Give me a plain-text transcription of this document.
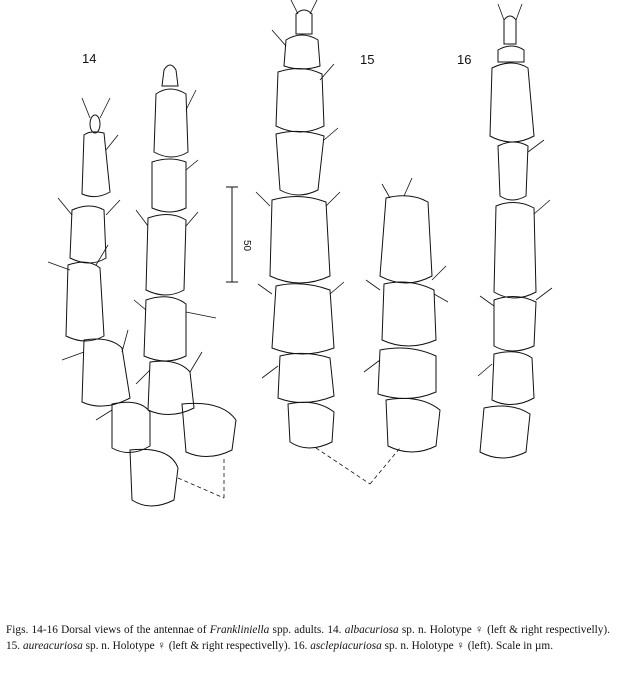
14	15	16
50
Figs. 14-16 Dorsal views of the antennae of Frankliniella spp. adults. 14. albacuriosa sp. n. Holotype ♀ (left & right respectivelly). 15. aureacuriosa sp. n. Holotype ♀ (left & right respectivelly). 16. asclepiacuriosa sp. n. Holotype ♀ (left). Scale in µm.
